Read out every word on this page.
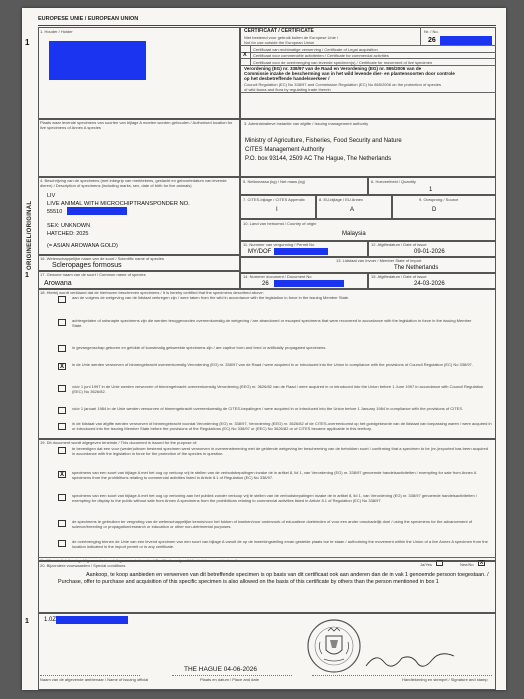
EUROPESE UNIE / EUROPEAN UNION
ORIGINEEL/ORIGINAL
1
1. Houder / Holder	CERTIFICAAT / CERTIFICATE
Niet bestemd voor gebruik buiten de Europese Unie /
Not for use outside the European Union
Nr. / No.
26
Certificaat van rechtmatige verwerving / Certificate of Legal acquisition
X Certificaat voor commerciële activiteiten / Certificate for commercial activities
Certificaat voor de overbrenging van levende specimen(s) / Certificate for movement of live specimen
Verordening (EG) nr. 338/97 van de Raad en Verordening (EG) nr. 865/2006 van de
Commissie inzake de bescherming van in het wild levende dier- en plantensoorten door controle
op het desbetreffende handelsverkeer /
Council Regulation (EC) No 338/97 and Commission Regulation (EC) No 865/2006 on the protection of species
of wild fauna and flora by regulating trade therein
Plaats waar levende specimens van soorten van bijlage A moeten worden gehouden / Authorised location for live specimens of Annex A species
3. Administratieve instantie van afgifte / Issuing management authority
Ministry of Agriculture, Fisheries, Food Security and Nature
CITES Management Authority
P.O. box 93144, 2509 AC The Hague, The Netherlands
4. Beschrijving van de specimens (met inbegrip van merktekens, geslacht en geboortedatum van levende dieren) / Description of specimens (including marks, sex, date of birth for live animals)
LIV
LIVE ANIMAL WITH MICROCHIPTRANSPONDER NO.
55510
SEX: UNKNOWN
HATCHED: 2025
(= ASIAN AROWANA GOLD)
5. Nettomassa (kg) / Net mass (kg)	6. Hoeveelheid / Quantity
1
7. CITES-bijlage / CITES Appendix
I
8. EU-bijlage / EU Annex
A
9. Oorsprong / Source
D
10. Land van herkomst / Country of origin
Malaysia
11. Nummer van vergunning / Permit No
MY/DOF
12. Afgiftedatum / Date of issue
09-01-2026
16. Wetenschappelijke naam van de soort / Scientific name of species
Scleropages formosus
13. Lidstaat van invoer / Member State of import
The Netherlands
1	17. Gewone naam van de soort / Common name of species
Arowana
14. Nummer document / Document No
26
15. Afgiftedatum / Date of issue
24-03-2026
18. Hierbij wordt verklaard dat de hierboven beschreven specimens / It is hereby certified that the specimens described above:
aan de volgens de wetgeving van de lidstaat verkregen zijn / were taken from the wild in accordance with the legislation in force in the issuing Member State.
achtergelaten of ontsnapte specimens zijn die werden teruggevonden overeenkomstig de wetgeving / are abandoned or escaped specimens that were recovered in accordance with the legislation in force in the issuing Member State.
in gevangenschap geboren en gefokte of kunstmatig gekweekte specimens zijn / are captive born and bred or artificially propagated specimens.
X	in de Unie werden verworven of binnengebracht overeenkomstig Verordening (EG) nr. 338/97 van de Raad / were acquired in or introduced into the Union in compliance with the provisions of Council Regulation (EC) No 338/97.
vóór 1 juni 1997 in de Unie werden verworven of binnengebracht overeenkomstig Verordening (EEG) nr. 3626/82 van de Raad / were acquired in or introduced into the Union before 1 June 1997 in accordance with Council Regulation (EEC) No 3626/82.
vóór 1 januari 1984 in de Unie werden verworven of binnengebracht overeenkomstig de CITES-bepalingen / were acquired in or introduced into the Union before 1 January 1984 in compliance with the provisions of CITES.
in de lidstaat van afgifte werden verworven of binnengebracht voordat Verordening (EG) nr. 338/97, Verordening (EEG) nr. 3626/82 of de CITES-overeenkomst op het goedgekeurde van de lidstaat van toepassing waren / were acquired in or introduced into the issuing Member State before the provisions of the Regulations (EC) No 338/97 or (EEC) No 3626/82 or of CITES became applicable in this territory.
19. Dit document wordt afgegeven teneinde / This document is issued for the purpose of:
te bevestigen dat een voor (weder)uitvoer bestemd specimen werd verworven in overeenstemming met de geldende wetgeving ter bescherming van de betrokken soort / confirming that a specimen to be (re-)exported has been acquired in accordance with the legislation in force for the protection of the species in question.
X	specimens van een soort van bijlage A met het oog op verkoop vrij te stellen van de verbodsbepalingen inzake de in artikel 8, lid 1, van Verordening (EG) nr. 338/97 genoemde handelsactiviteiten / exempting for sale from Annex A specimens from the prohibitions relating to commercial activities listed in Article 8.1 of Regulation (EC) No 338/97.
specimens van een soort van bijlage A met het oog op vertoning aan het publiek zonder verkoop vrij te stellen van de verbodsbepalingen inzake de in artikel 8, lid 1, van Verordening (EG) nr. 338/97 genoemde handelsactiviteiten / exempting for display to the public without sale from Annex A specimens from the prohibitions relating to commercial activities listed in Article 8.1 of Regulation (EC) No 338/97.
de specimens te gebruiken ter vergroting van de wetenschappelijke kennis/voor het fokken of kweken/voor onderzoek of educatieve doeleinden of voor een ander onschadelijk doel / using the specimens for the advancement of science/breeding or propagation/research or education or other non-detrimental purposes.
de overbrenging binnen de Unie van een levend specimen van een soort van bijlage A vanuit de op de inwerkingstelling ervan gestelde plaats toe te staan / authorising the movement within the Union of a live Annex A specimen from the location indicated in the import permit or in any certificate.
Certificaat uitsluitend geldig voor de in vak 1 genoemde houder / Certificate only valid for holder named in box 1
Ja/Yes	Nee/No	X
20. Bijzondere voorwaarden / Special conditions
Aankoop, te koop aanbieden en verwerven van dit betreffende specimen is op basis van dit certificaat ook aan anderen dan de in vak 1 genoemde persoon toegestaan. /
Purchase, offer to purchase and acquisition of this specific specimen is also allowed on the basis of this certificate by others than the person mentioned in box 1
1	1.0Z
THE HAGUE 04-06-2026
Naam van de afgevende ambtenaar / Name of issuing official	Plaats en datum / Place and date	Handtekening en stempel / Signature and stamp
